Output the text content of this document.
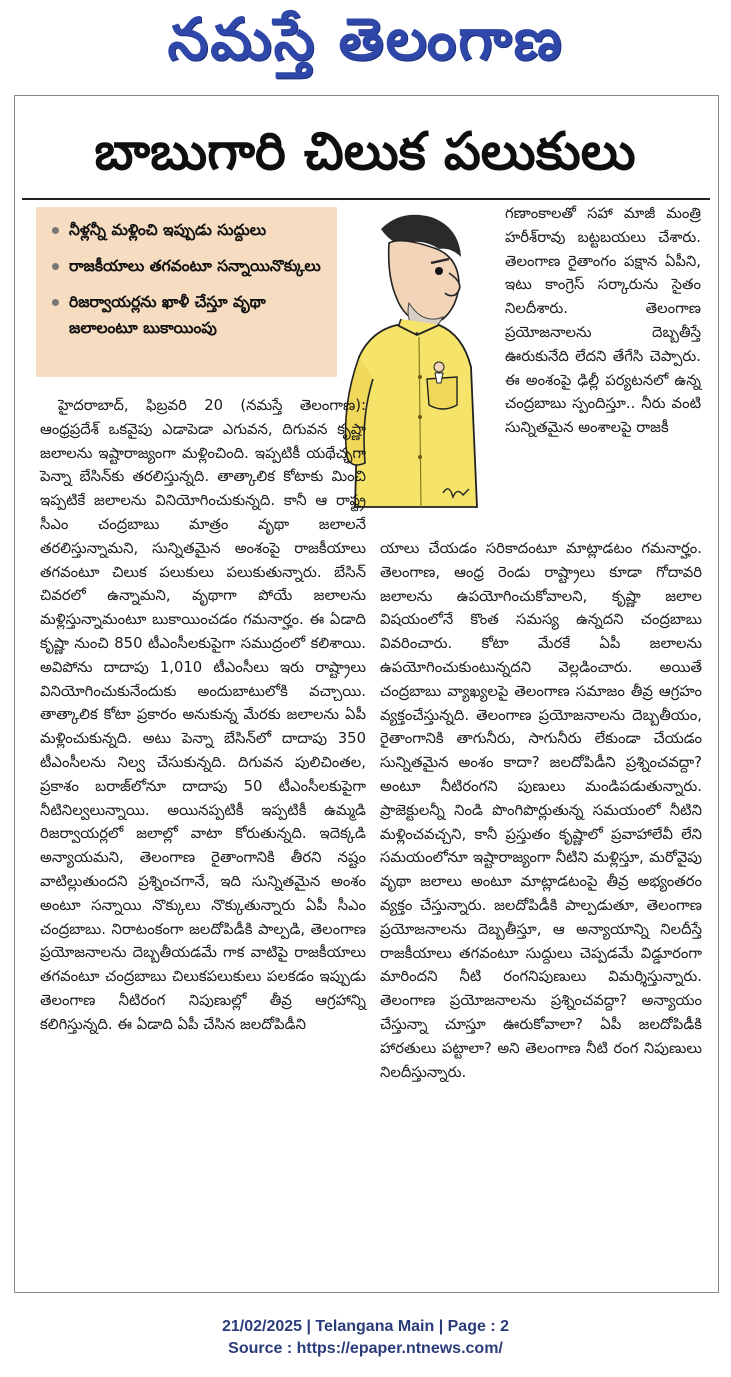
నమస్తే తెలంగాణ
బాబుగారి చిలుక పలుకులు
నీళ్లన్నీ మళ్లించి ఇప్పుడు సుద్దులు
రాజకీయాలు తగవంటూ సన్నాయినొక్కులు
రిజర్వాయర్లను ఖాళీ చేస్తూ వృథా జలాలంటూ బుకాయింపు

హైదరాబాద్, ఫిబ్రవరి 20 (నమస్తే తెలంగాణ): ఆంధ్రప్రదేశ్ ఒకవైపు ఎడాపెడా ఎగువన, దిగువన కృష్ణా జలాలను ఇష్టారాజ్యంగా మళ్లించింది. ఇప్పటికీ యథేచ్ఛగా పెన్నా బేసిన్‌కు తరలిస్తున్నది. తాత్కాలిక కోటాకు మించి ఇప్పటికే జలాలను వినియోగించుకున్నది. కానీ ఆ రాష్ట్ర సీఎం చంద్రబాబు మాత్రం వృథా జలాలనే తరలిస్తున్నామని, సున్నితమైన అంశంపై రాజకీయాలు తగవంటూ చిలుక పలుకులు పలుకుతున్నారు. బేసిన్ చివరలో ఉన్నామని, వృథాగా పోయే జలాలను మళ్లిస్తున్నామంటూ బుకాయించడం గమనార్హం. ఈ ఏడాది కృష్ణా నుంచి 850 టీఎంసీలకుపైగా సముద్రంలో కలిశాయి. అవిపోను దాదాపు 1,010 టీఎంసీలు ఇరు రాష్ట్రాలు వినియోగించుకునేందుకు అందుబాటులోకి వచ్చాయి. తాత్కాలిక కోటా ప్రకారం అనుకున్న మేరకు జలాలను ఏపీ మళ్లించుకున్నది. అటు పెన్నా బేసిన్‌లో దాదాపు 350 టీఎంసీలను నిల్వ చేసుకున్నది. దిగువన పులిచింతల, ప్రకాశం బరాజ్‌లోనూ దాదాపు 50 టీఎంసీలకుపైగా నీటినిల్వలున్నాయి. అయినప్పటికీ ఇప్పటికీ ఉమ్మడి రిజర్వాయర్లలో జలాల్లో వాటా కోరుతున్నది. ఇదెక్కడి అన్యాయమని, తెలంగాణ రైతాంగానికి తీరని నష్టం వాటిల్లుతుందని ప్రశ్నించగానే, ఇది సున్నితమైన అంశం అంటూ సన్నాయి నొక్కులు నొక్కుతున్నారు ఏపీ సీఎం చంద్రబాబు. నిరాటంకంగా జలదోపిడీకి పాల్పడి, తెలంగాణ ప్రయోజనాలను దెబ్బతీయడమే గాక వాటిపై రాజకీయాలు తగవంటూ చంద్రబాబు చిలుకపలుకులు పలకడం ఇప్పుడు తెలంగాణ నీటిరంగ నిపుణుల్లో తీవ్ర ఆగ్రహాన్ని కలిగిస్తున్నది. ఈ ఏడాది ఏపీ చేసిన జలదోపిడీని

గణాంకాలతో సహా మాజీ మంత్రి హరీశ్‌రావు బట్టబయలు చేశారు. తెలంగాణ రైతాంగం పక్షాన ఏపీని, ఇటు కాంగ్రెస్ సర్కారును సైతం నిలదీశారు. తెలంగాణ ప్రయోజనాలను దెబ్బతీస్తే ఊరుకునేది లేదని తేగేసి చెప్పారు. ఈ అంశంపై ఢిల్లీ పర్యటనలో ఉన్న చంద్రబాబు స్పందిస్తూ.. నీరు వంటి సున్నితమైన అంశాలపై రాజకీ

యాలు చేయడం సరికాదంటూ మాట్లాడటం గమనార్హం. తెలంగాణ, ఆంధ్ర రెండు రాష్ట్రాలు కూడా గోదావరి జలాలను ఉపయోగించుకోవాలని, కృష్ణా జలాల విషయంలోనే కొంత సమస్య ఉన్నదని చంద్రబాబు వివరించారు. కోటా మేరకే ఏపీ జలాలను ఉపయోగించుకుంటున్నదని వెల్లడించారు. అయితే చంద్రబాబు వ్యాఖ్యలపై తెలంగాణ సమాజం తీవ్ర ఆగ్రహం వ్యక్తంచేస్తున్నది. తెలంగాణ ప్రయోజనాలను దెబ్బతీయం, రైతాంగానికి తాగునీరు, సాగునీరు లేకుండా చేయడం సున్నితమైన అంశం కాదా? జలదోపిడీని ప్రశ్నించవద్దా? అంటూ నీటిరంగని పుణులు మండిపడుతున్నారు. ప్రాజెక్టులన్నీ నిండి పొంగిపొర్లుతున్న సమయంలో నీటిని మళ్లించవచ్చని, కానీ ప్రస్తుతం కృష్ణాలో ప్రవాహాలేవీ లేని సమయంలోనూ ఇష్టారాజ్యంగా నీటిని మళ్లిస్తూ, మరోవైపు వృథా జలాలు అంటూ మాట్లాడటంపై తీవ్ర అభ్యంతరం వ్యక్తం చేస్తున్నారు. జలదోపిడీకి పాల్పడుతూ, తెలంగాణ ప్రయోజనాలను దెబ్బతీస్తూ, ఆ అన్యాయాన్ని నిలదీస్తే రాజకీయాలు తగవంటూ సుద్దులు చెప్పడమే విడ్డూరంగా మారిందని నీటి రంగనిపుణులు విమర్శిస్తున్నారు. తెలంగాణ ప్రయోజనాలను ప్రశ్నించవద్దా? అన్యాయం చేస్తున్నా చూస్తూ ఊరుకోవాలా? ఏపీ జలదోపిడీకి హారతులు పట్టాలా? అని తెలంగాణ నీటి రంగ నిపుణులు నిలదీస్తున్నారు.

21/02/2025 | Telangana Main | Page : 2
Source : https://epaper.ntnews.com/
